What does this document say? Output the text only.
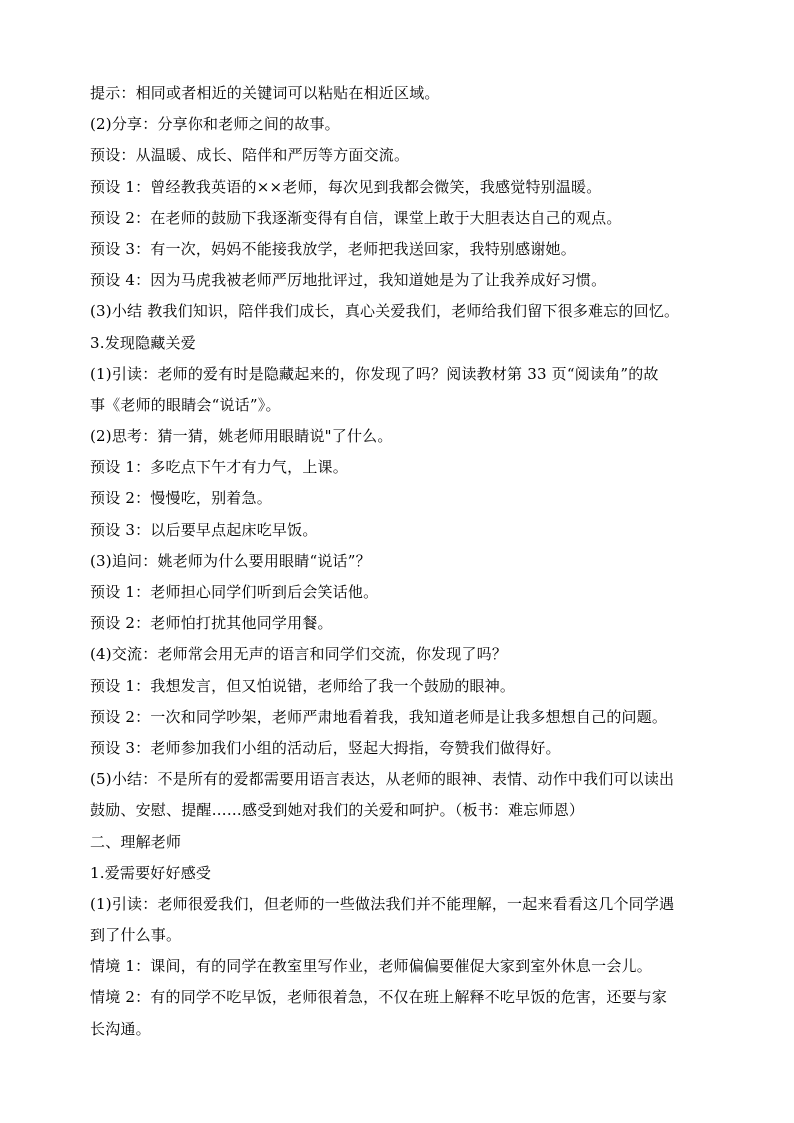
提示：相同或者相近的关键词可以粘贴在相近区域。
(2)分享：分享你和老师之间的故事。
预设：从温暖、成长、陪伴和严厉等方面交流。
预设 1：曾经教我英语的××老师，每次见到我都会微笑，我感觉特别温暖。
预设 2：在老师的鼓励下我逐渐变得有自信，课堂上敢于大胆表达自己的观点。
预设 3：有一次，妈妈不能接我放学，老师把我送回家，我特别感谢她。
预设 4：因为马虎我被老师严厉地批评过，我知道她是为了让我养成好习惯。
(3)小结 教我们知识，陪伴我们成长，真心关爱我们，老师给我们留下很多难忘的回忆。
3.发现隐藏关爱
(1)引读：老师的爱有时是隐藏起来的，你发现了吗？阅读教材第 33 页“阅读角”的故
事《老师的眼睛会“说话”》。
(2)思考：猜一猜，姚老师用眼睛说"了什么。
预设 1：多吃点下午才有力气，上课。
预设 2：慢慢吃，别着急。
预设 3：以后要早点起床吃早饭。
(3)追问：姚老师为什么要用眼睛“说话”？
预设 1：老师担心同学们听到后会笑话他。
预设 2：老师怕打扰其他同学用餐。
(4)交流：老师常会用无声的语言和同学们交流，你发现了吗？
预设 1：我想发言，但又怕说错，老师给了我一个鼓励的眼神。
预设 2：一次和同学吵架，老师严肃地看着我，我知道老师是让我多想想自己的问题。
预设 3：老师参加我们小组的活动后，竖起大拇指，夸赞我们做得好。
(5)小结：不是所有的爱都需要用语言表达，从老师的眼神、表情、动作中我们可以读出
鼓励、安慰、提醒……感受到她对我们的关爱和呵护。（板书：难忘师恩）
二、理解老师
1.爱需要好好感受
(1)引读：老师很爱我们，但老师的一些做法我们并不能理解，一起来看看这几个同学遇
到了什么事。
情境 1：课间，有的同学在教室里写作业，老师偏偏要催促大家到室外休息一会儿。
情境 2：有的同学不吃早饭，老师很着急，不仅在班上解释不吃早饭的危害，还要与家
长沟通。
